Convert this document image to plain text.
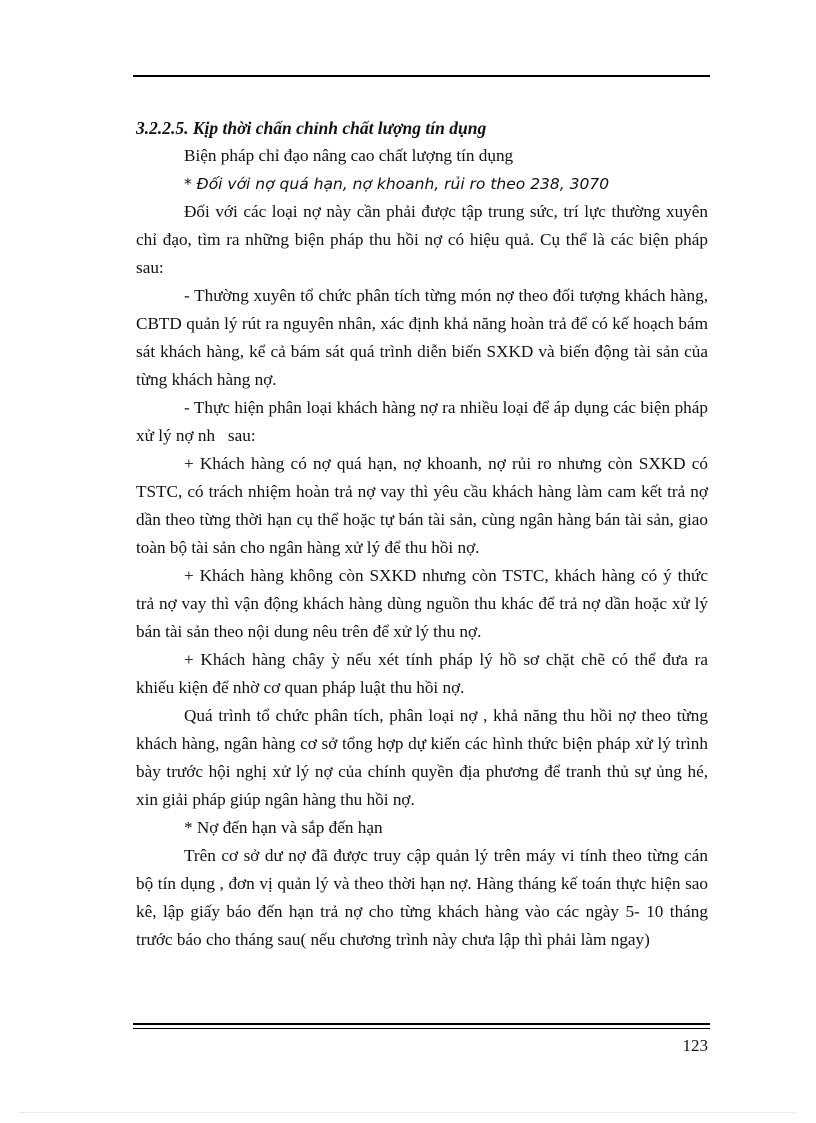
3.2.2.5. Kịp thời chấn chỉnh chất lượng tín dụng

Biện pháp chỉ đạo nâng cao chất lượng tín dụng

* Đối với nợ quá hạn, nợ khoanh, rủi ro theo 238, 3070

Đối với các loại nợ này cần phải được tập trung sức, trí lực thường xuyên chỉ đạo, tìm ra những biện pháp thu hồi nợ có hiệu quả. Cụ thể là các biện pháp sau:

- Thường xuyên tổ chức phân tích từng món nợ theo đối tượng khách hàng, CBTD quản lý rút ra nguyên nhân, xác định khả năng hoàn trả để có kế hoạch bám sát khách hàng, kể cả bám sát quá trình diễn biến SXKD và biến động tài sản của từng khách hàng nợ.

- Thực hiện phân loại khách hàng nợ ra nhiều loại để áp dụng các biện pháp xử lý nợ nh   sau:

+ Khách hàng có nợ quá hạn, nợ khoanh, nợ rủi ro nhưng còn SXKD có TSTC, có trách nhiệm hoàn trả nợ vay thì yêu cầu khách hàng làm cam kết trả nợ dần theo từng thời hạn cụ thể hoặc tự bán tài sản, cùng ngân hàng bán tài sản, giao toàn bộ tài sản cho ngân hàng xử lý để thu hồi nợ.

+ Khách hàng không còn SXKD nhưng còn TSTC, khách hàng có ý thức trả nợ vay thì vận động khách hàng dùng nguồn thu khác để trả nợ dần hoặc xử lý bán tài sản theo nội dung nêu trên để xử lý thu nợ.

+ Khách hàng chây ỳ nếu xét tính pháp lý hồ sơ chặt chẽ có thể đưa ra khiếu kiện để nhờ cơ quan pháp luật thu hồi nợ.

Quá trình tổ chức phân tích, phân loại nợ , khả năng thu hồi nợ theo từng khách hàng, ngân hàng cơ sở tổng hợp dự kiến các hình thức biện pháp xử lý trình bày trước hội nghị xử lý nợ của chính quyền địa phương để tranh thủ sự ủng hé, xin giải pháp giúp ngân hàng thu hồi nợ.

* Nợ đến hạn và sắp đến hạn

Trên cơ sở dư nợ đã được truy cập quản lý trên máy vi tính theo từng cán bộ tín dụng , đơn vị quản lý và theo thời hạn nợ. Hàng tháng kế toán thực hiện sao kê, lập giấy báo đến hạn trả nợ cho từng khách hàng vào các ngày 5- 10 tháng trước báo cho tháng sau( nếu chương trình này chưa lập thì phải làm ngay)

123
